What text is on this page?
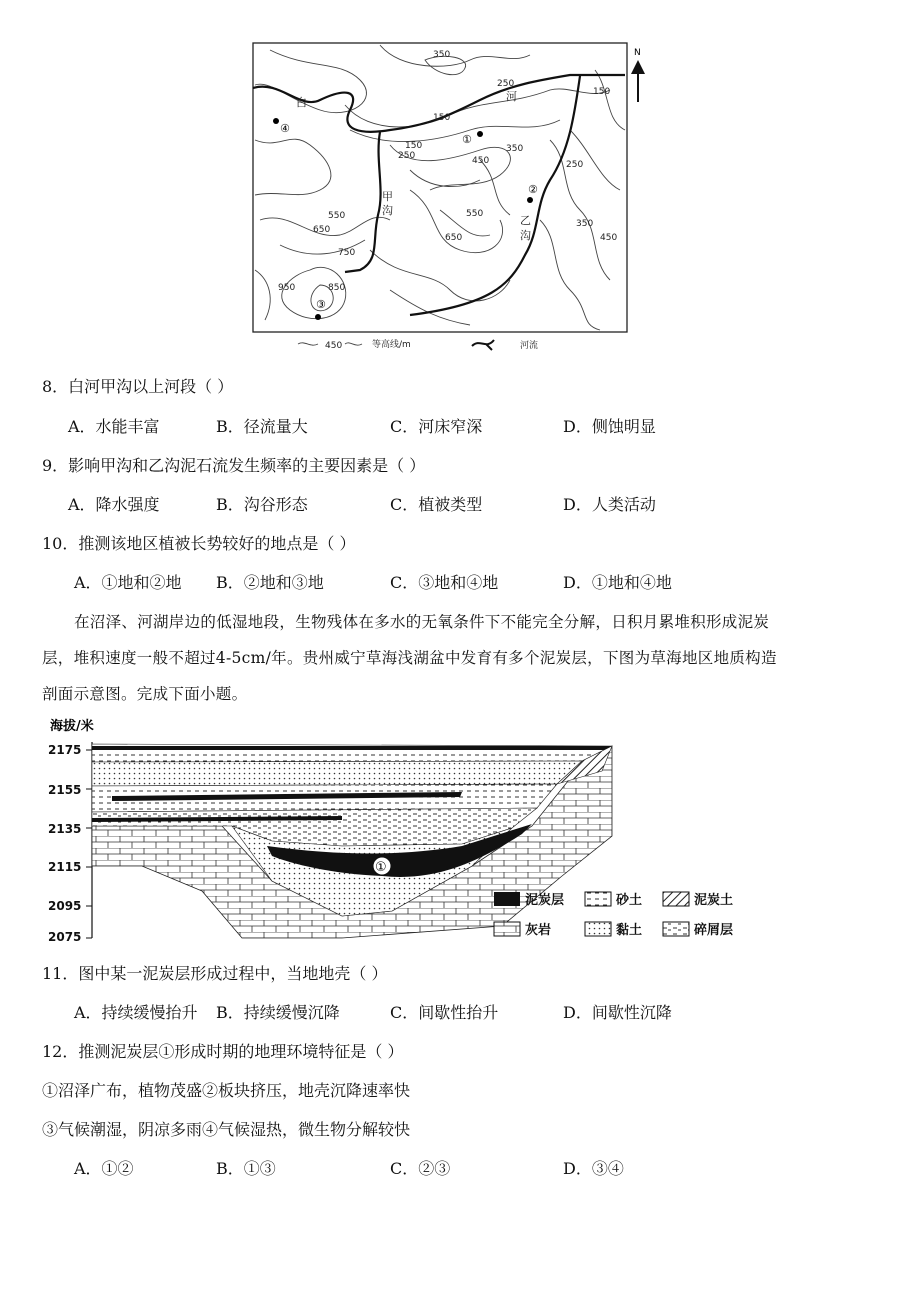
350
250
150
150
150
250	450
350
250
550
650
550
650
750
850
950
350
450
白	河
甲
沟
乙
沟
①
②
③
④
N
450	等高线/m	河流
8．白河甲沟以上河段（ ）
A．水能丰富	B．径流量大	C．河床窄深	D．侧蚀明显
9．影响甲沟和乙沟泥石流发生频率的主要因素是（ ）
A．降水强度	B．沟谷形态	C．植被类型	D．人类活动
10．推测该地区植被长势较好的地点是（ ）
A．①地和②地 B．②地和③地	C．③地和④地	D．①地和④地
在沼泽、河湖岸边的低湿地段，生物残体在多水的无氧条件下不能完全分解，日积月累堆积形成泥炭
层，堆积速度一般不超过4-5cm/年。贵州威宁草海浅湖盆中发育有多个泥炭层，下图为草海地区地质构造
剖面示意图。完成下面小题。
海拔/米
2175
2155
2135
2115
2095
2075
①
泥炭层	砂土	泥炭土
灰岩	黏土	碎屑层
11．图中某一泥炭层形成过程中，当地地壳（ ）
A．持续缓慢抬升 B．持续缓慢沉降	C．间歇性抬升	D．间歇性沉降
12．推测泥炭层①形成时期的地理环境特征是（ ）
①沼泽广布，植物茂盛②板块挤压，地壳沉降速率快
③气候潮湿，阴凉多雨④气候湿热，微生物分解较快
A．①②	B．①③	C．②③	D．③④
